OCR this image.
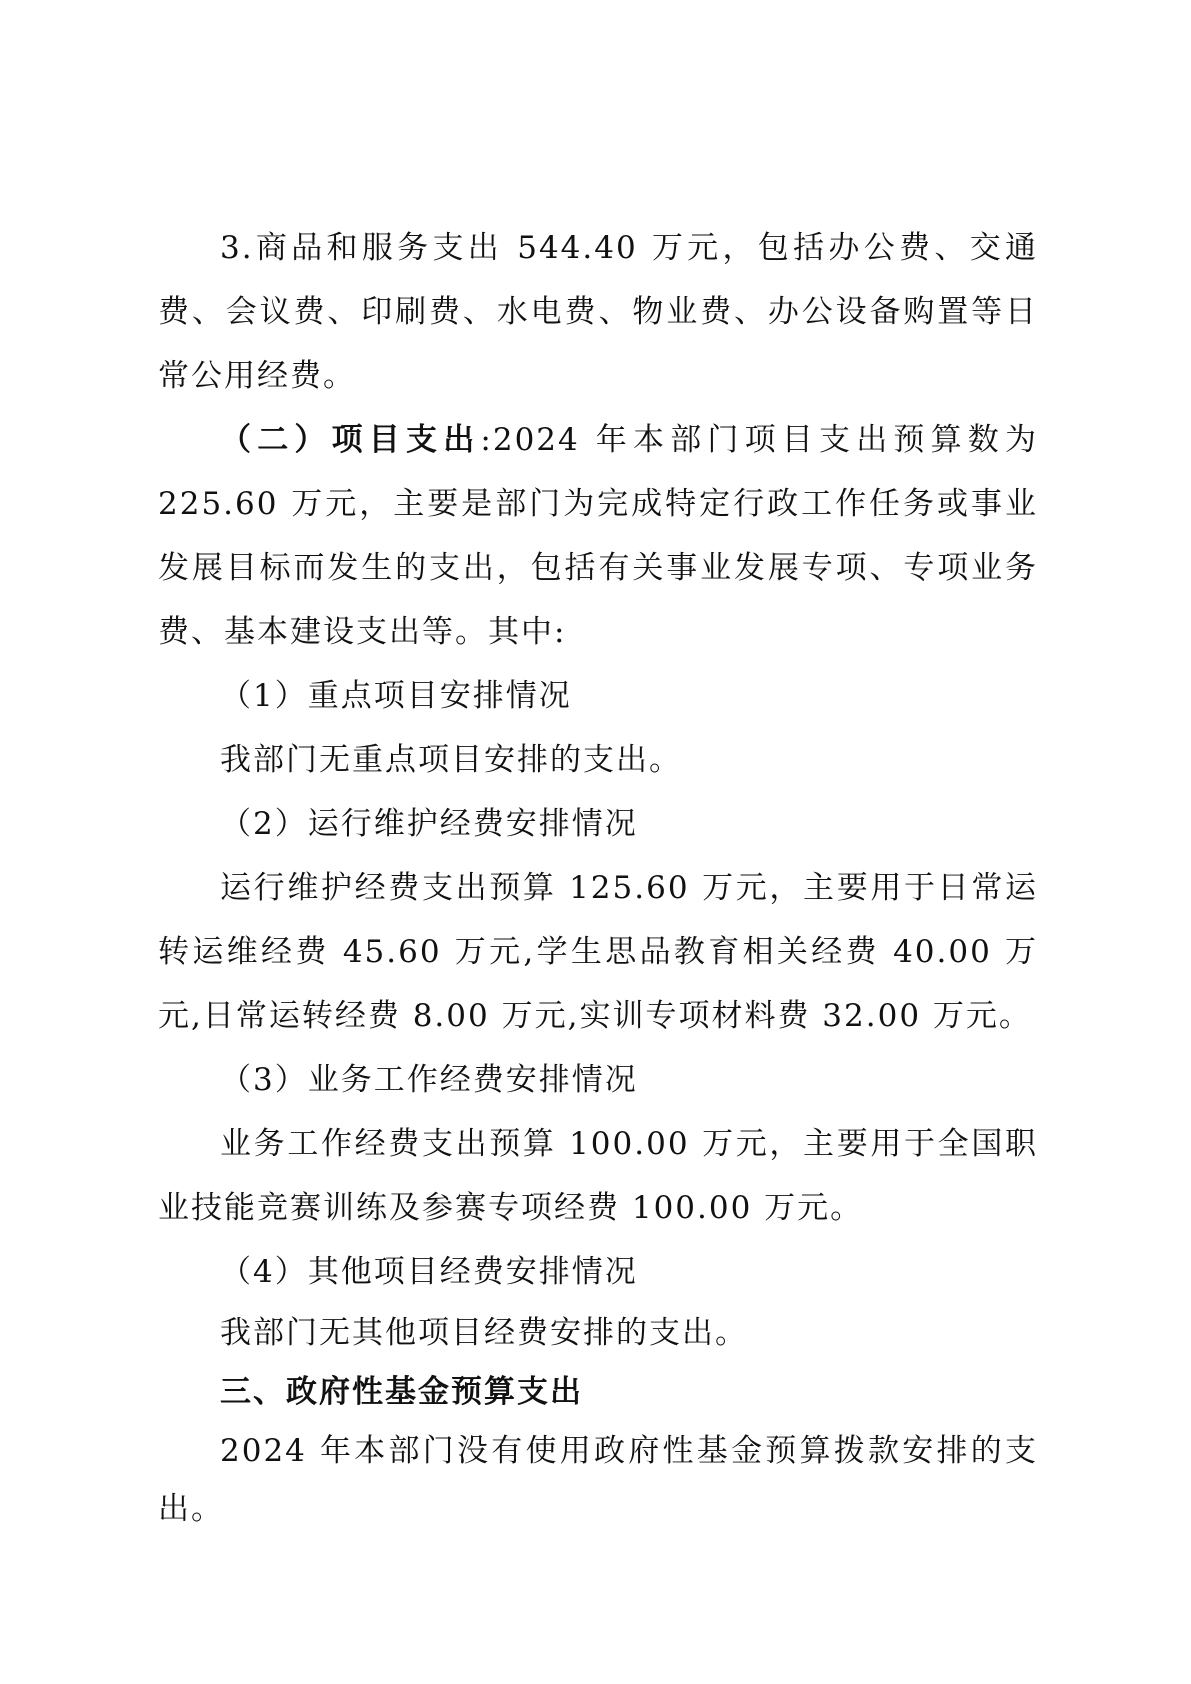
3.商品和服务支出 544.40 万元，包括办公费、交通费、会议费、印刷费、水电费、物业费、办公设备购置等日常公用经费。

（二）项目支出:2024 年本部门项目支出预算数为 225.60 万元，主要是部门为完成特定行政工作任务或事业发展目标而发生的支出，包括有关事业发展专项、专项业务费、基本建设支出等。其中:

（1）重点项目安排情况

我部门无重点项目安排的支出。

（2）运行维护经费安排情况

运行维护经费支出预算 125.60 万元，主要用于日常运转运维经费 45.60 万元,学生思品教育相关经费 40.00 万元,日常运转经费 8.00 万元,实训专项材料费 32.00 万元。

（3）业务工作经费安排情况

业务工作经费支出预算 100.00 万元，主要用于全国职业技能竞赛训练及参赛专项经费 100.00 万元。

（4）其他项目经费安排情况

我部门无其他项目经费安排的支出。

三、政府性基金预算支出

2024 年本部门没有使用政府性基金预算拨款安排的支出。
